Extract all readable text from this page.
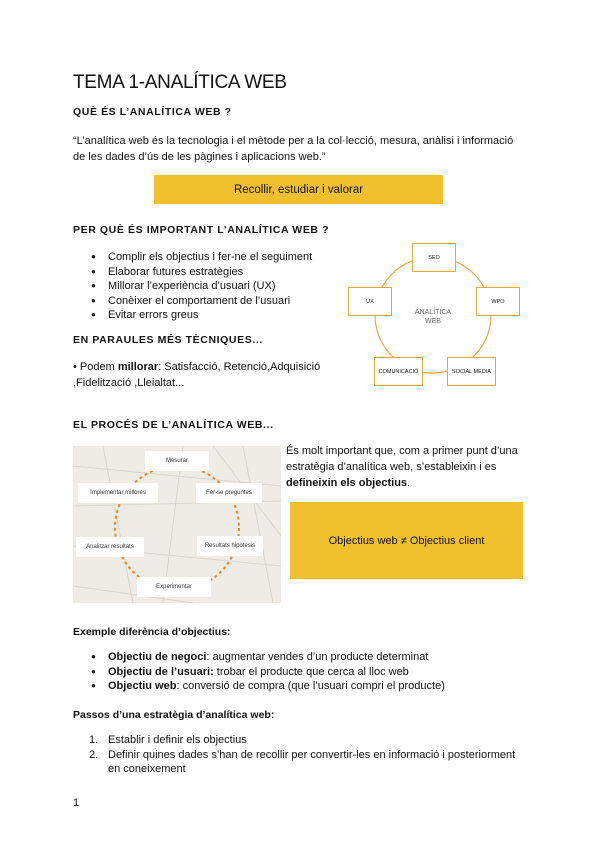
TEMA 1-ANALÍTICA WEB
QUÈ ÉS L’ANALÍTICA WEB ?
“L’analítica web és la tecnologia i el mètode per a la col·lecció, mesura, anàlisi i informació
de les dades d’ús de les pàgines i aplicacions web.”
Recollir, estudiar i valorar
PER QUÈ ÉS IMPORTANT L’ANALÍTICA WEB ?
● Complir els objectius i fer-ne el seguiment
● Elaborar futures estratègies
● Millorar l’experiència d’usuari (UX)
● Conèixer el comportament de l’usuari
● Evitar errors greus	ANALÍTICA
WEB
SEO
UX	WPO
COMUNICACIÓ	SOCIAL MEDIA
EN PARAULES MÉS TÈCNIQUES...
• Podem millorar: Satisfacció, Retenció,Adquisició
,Fidelització ,Lleialtat...
EL PROCÉS DE L’ANALÍTICA WEB...
Mesurar
Fer-se preguntes
Resultats hipòtesis
Experimentar
Analitzar resultats
Implementar millores
És molt important que, com a primer punt d’una
estratègia d’analítica web, s’estableixin i es
defineixin els objectius.
Objectius web ≠ Objectius client
Exemple diferència d’objectius:
● Objectiu de negoci: augmentar vendes d’un producte determinat
● Objectiu de l’usuari: trobar el producte que cerca al lloc web
● Objectiu web: conversió de compra (que l’usuari compri el producte)
Passos d’una estratègia d’analítica web:
1. Establir i definir els objectius
2. Definir quines dades s’han de recollir per convertir-les en informació i posteriorment
en coneixement
1
